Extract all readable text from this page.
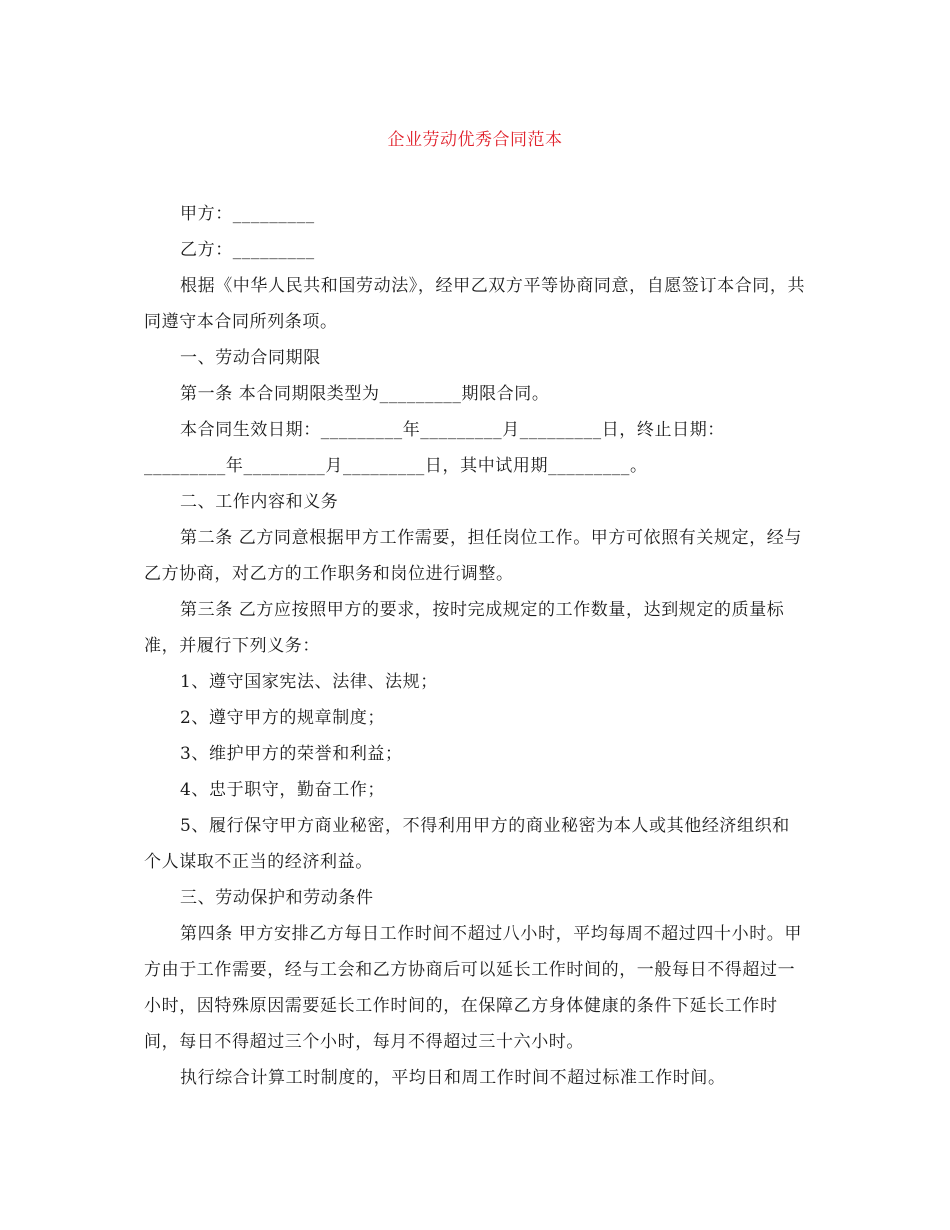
企业劳动优秀合同范本

甲方：_________

乙方：_________

根据《中华人民共和国劳动法》，经甲乙双方平等协商同意，自愿签订本合同，共同遵守本合同所列条项。

一、劳动合同期限

第一条 本合同期限类型为_________期限合同。

本合同生效日期：_________年_________月_________日，终止日期：_________年_________月_________日，其中试用期_________。

二、工作内容和义务

第二条 乙方同意根据甲方工作需要，担任岗位工作。甲方可依照有关规定，经与乙方协商，对乙方的工作职务和岗位进行调整。

第三条 乙方应按照甲方的要求，按时完成规定的工作数量，达到规定的质量标准，并履行下列义务：

1、遵守国家宪法、法律、法规；

2、遵守甲方的规章制度；

3、维护甲方的荣誉和利益；

4、忠于职守，勤奋工作；

5、履行保守甲方商业秘密，不得利用甲方的商业秘密为本人或其他经济组织和个人谋取不正当的经济利益。

三、劳动保护和劳动条件

第四条 甲方安排乙方每日工作时间不超过八小时，平均每周不超过四十小时。甲方由于工作需要，经与工会和乙方协商后可以延长工作时间的，一般每日不得超过一小时，因特殊原因需要延长工作时间的，在保障乙方身体健康的条件下延长工作时间，每日不得超过三个小时，每月不得超过三十六小时。

执行综合计算工时制度的，平均日和周工作时间不超过标准工作时间。
